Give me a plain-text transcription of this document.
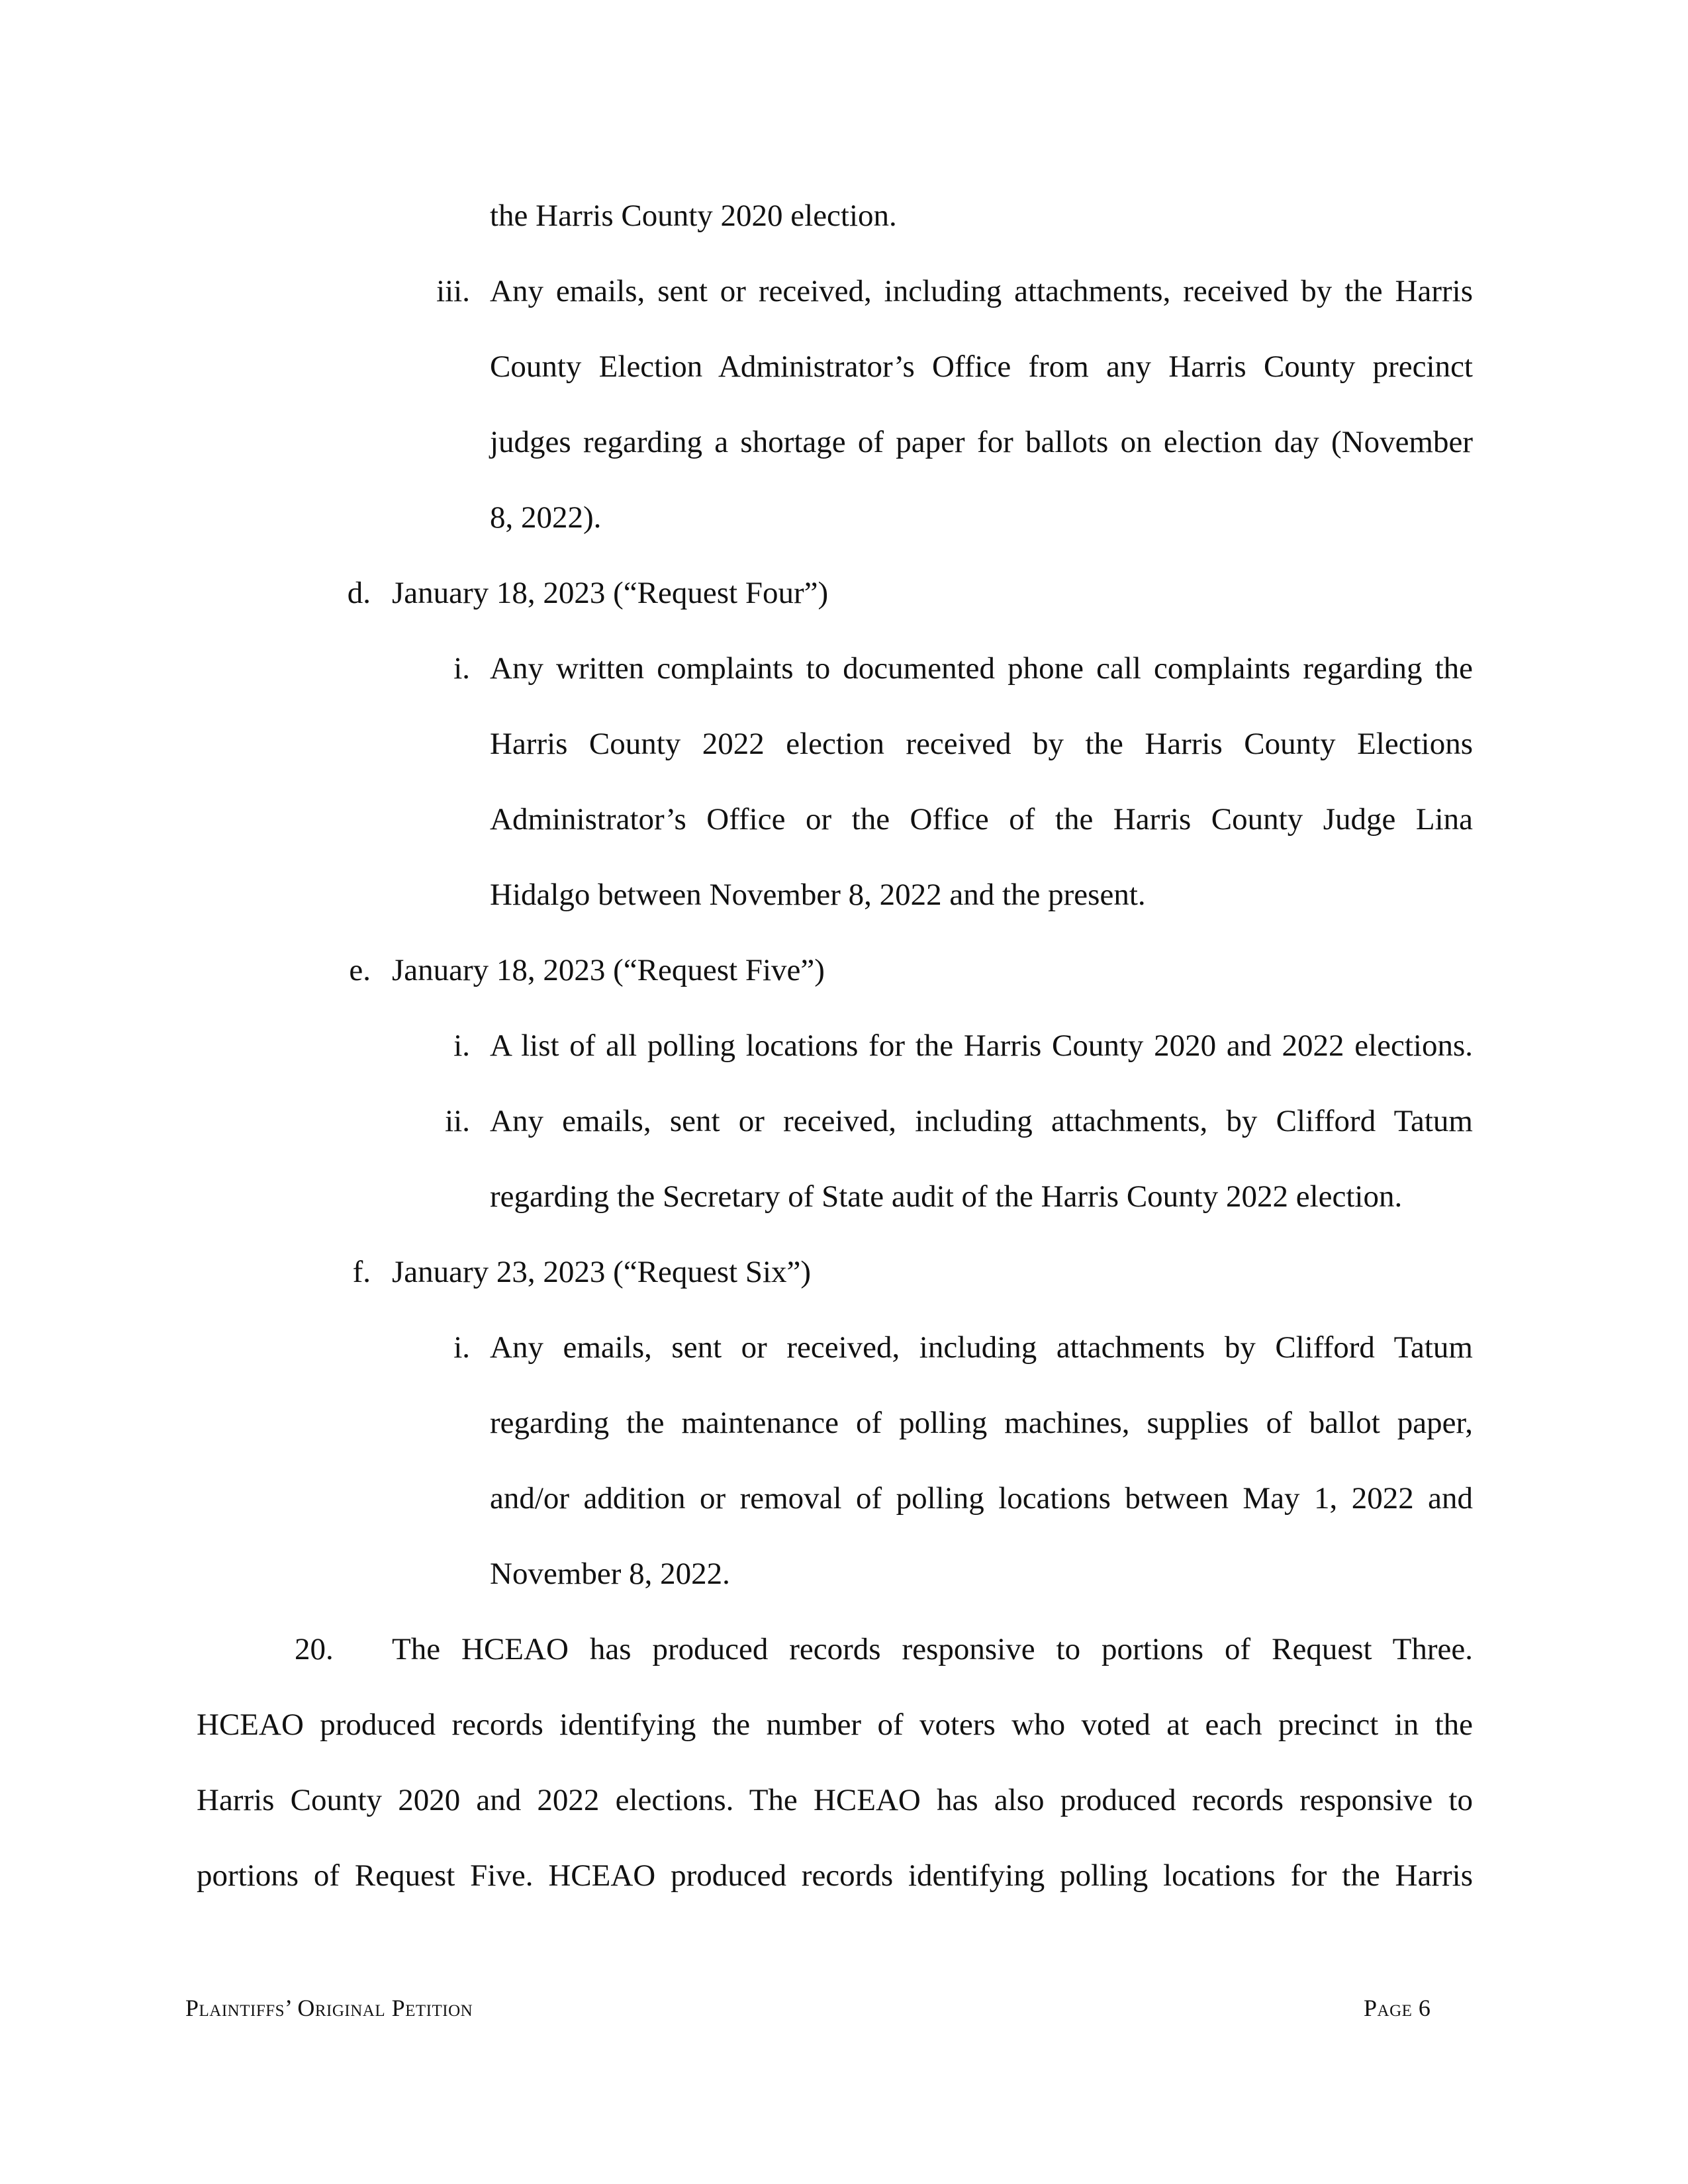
the Harris County 2020 election.
iii. Any emails, sent or received, including attachments, received by the Harris
County Election Administrator’s Office from any Harris County precinct
judges regarding a shortage of paper for ballots on election day (November
8, 2022).
d. January 18, 2023 (“Request Four”)
i. Any written complaints to documented phone call complaints regarding the
Harris County 2022 election received by the Harris County Elections
Administrator’s Office or the Office of the Harris County Judge Lina
Hidalgo between November 8, 2022 and the present.
e. January 18, 2023 (“Request Five”)
i. A list of all polling locations for the Harris County 2020 and 2022 elections.
ii. Any emails, sent or received, including attachments, by Clifford Tatum
regarding the Secretary of State audit of the Harris County 2022 election.
f. January 23, 2023 (“Request Six”)
i. Any emails, sent or received, including attachments by Clifford Tatum
regarding the maintenance of polling machines, supplies of ballot paper,
and/or addition or removal of polling locations between May 1, 2022 and
November 8, 2022.
20. The HCEAO has produced records responsive to portions of Request Three.
HCEAO produced records identifying the number of voters who voted at each precinct in the
Harris County 2020 and 2022 elections. The HCEAO has also produced records responsive to
portions of Request Five. HCEAO produced records identifying polling locations for the Harris
Plaintiffs’ Original Petition	Page 6
